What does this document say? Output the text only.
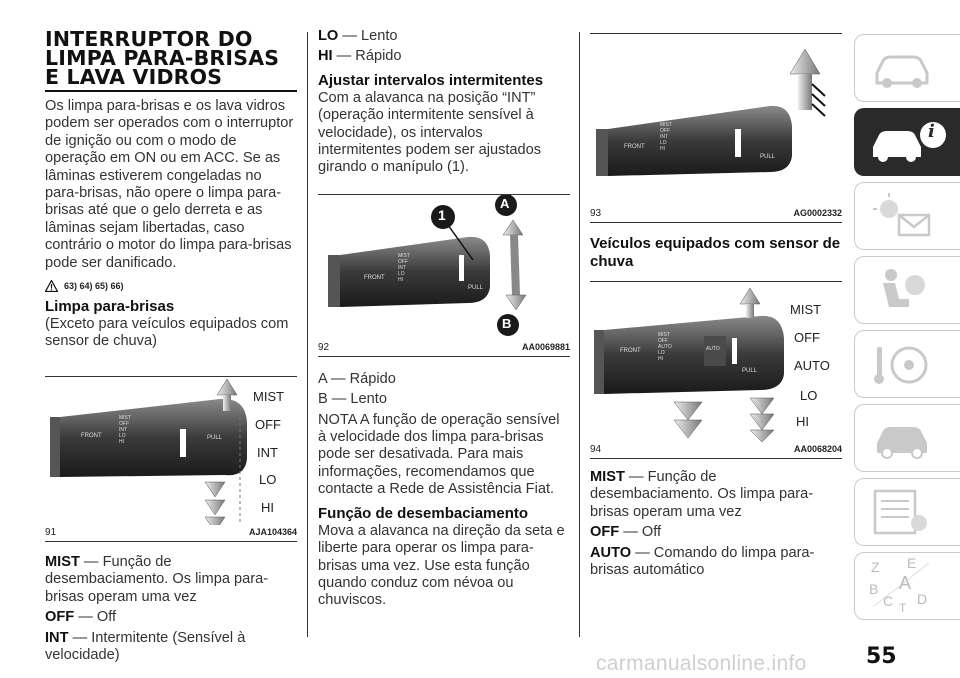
INTERRUPTOR DO
LIMPA PARA-BRISAS
E LAVA VIDROS
Os limpa para-brisas e os lava vidros podem ser operados com o interruptor de ignição ou com o modo de operação em ON ou em ACC. Se as lâminas estiverem congeladas no para-brisas, não opere o limpa para-brisas até que o gelo derreta e as lâminas sejam libertadas, caso contrário o motor do limpa para-brisas pode ser danificado.
63) 64) 65) 66)
Limpa para-brisas
(Exceto para veículos equipados com sensor de chuva)
FRONT
MIST
OFF
INT
LO
HI
PULL
MIST
OFF
INT
LO
HI
91	AJA104364
MIST — Função de desembaciamento. Os limpa para-brisas operam uma vez
OFF — Off
INT — Intermitente (Sensível à velocidade)
LO — Lento
HI — Rápido
Ajustar intervalos intermitentes
Com a alavanca na posição “INT” (operação intermitente sensível à velocidade), os intervalos intermitentes podem ser ajustados girando o manípulo (1).
1
A
B
FRONT
MIST
OFF
INT
LO
HI
PULL
92	AA0069881
A — Rápido
B — Lento
NOTA A função de operação sensível à velocidade dos limpa para-brisas pode ser desativada. Para mais informações, recomendamos que contacte a Rede de Assistência Fiat.
Função de desembaciamento
Mova a alavanca na direção da seta e liberte para operar os limpa para-brisas uma vez. Use esta função quando conduz com névoa ou chuviscos.
FRONT
MIST
OFF
INT
LO
HI
PULL
93	AG0002332
Veículos equipados com sensor de chuva
FRONT
MIST
OFF
AUTO
LO
HI
AUTO
PULL
MIST
OFF
AUTO
LO
HI
94	AA0068204
MIST — Função de desembaciamento. Os limpa para-brisas operam uma vez
OFF — Off
AUTO — Comando do limpa para-brisas automático
i
Z E
B A
C D
T
55
carmanualsonline.info
